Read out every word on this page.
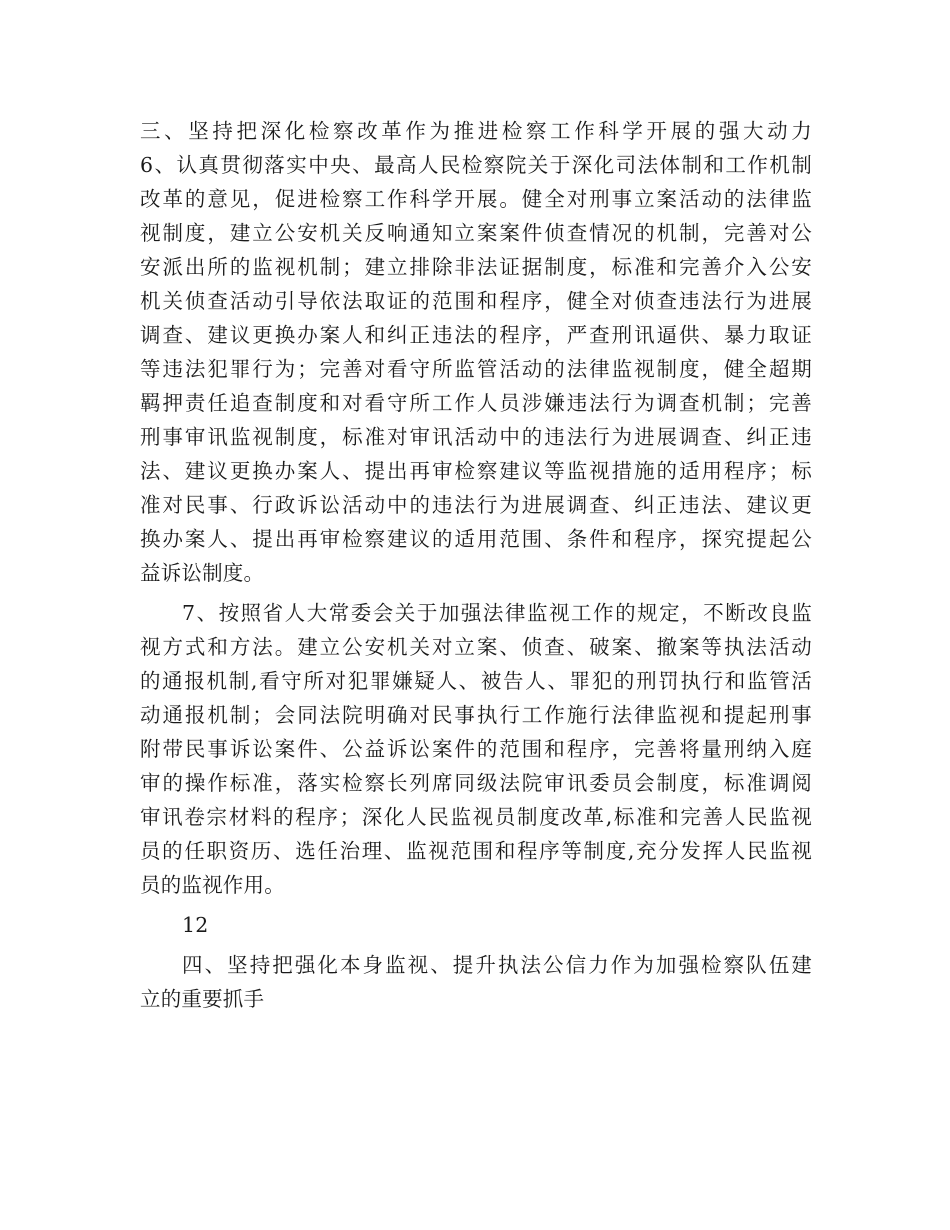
三、坚持把深化检察改革作为推进检察工作科学开展的强大动力
6、认真贯彻落实中央、最高人民检察院关于深化司法体制和工作机制
改革的意见，促进检察工作科学开展。健全对刑事立案活动的法律监
视制度，建立公安机关反响通知立案案件侦查情况的机制，完善对公
安派出所的监视机制；建立排除非法证据制度，标准和完善介入公安
机关侦查活动引导依法取证的范围和程序，健全对侦查违法行为进展
调查、建议更换办案人和纠正违法的程序，严查刑讯逼供、暴力取证
等违法犯罪行为；完善对看守所监管活动的法律监视制度，健全超期
羁押责任追查制度和对看守所工作人员涉嫌违法行为调查机制；完善
刑事审讯监视制度，标准对审讯活动中的违法行为进展调查、纠正违
法、建议更换办案人、提出再审检察建议等监视措施的适用程序；标
准对民事、行政诉讼活动中的违法行为进展调查、纠正违法、建议更
换办案人、提出再审检察建议的适用范围、条件和程序，探究提起公
益诉讼制度。
7、按照省人大常委会关于加强法律监视工作的规定，不断改良监
视方式和方法。建立公安机关对立案、侦查、破案、撤案等执法活动
的通报机制,看守所对犯罪嫌疑人、被告人、罪犯的刑罚执行和监管活
动通报机制；会同法院明确对民事执行工作施行法律监视和提起刑事
附带民事诉讼案件、公益诉讼案件的范围和程序，完善将量刑纳入庭
审的操作标准，落实检察长列席同级法院审讯委员会制度，标准调阅
审讯卷宗材料的程序；深化人民监视员制度改革,标准和完善人民监视
员的任职资历、选任治理、监视范围和程序等制度,充分发挥人民监视
员的监视作用。
12
四、坚持把强化本身监视、提升执法公信力作为加强检察队伍建
立的重要抓手
